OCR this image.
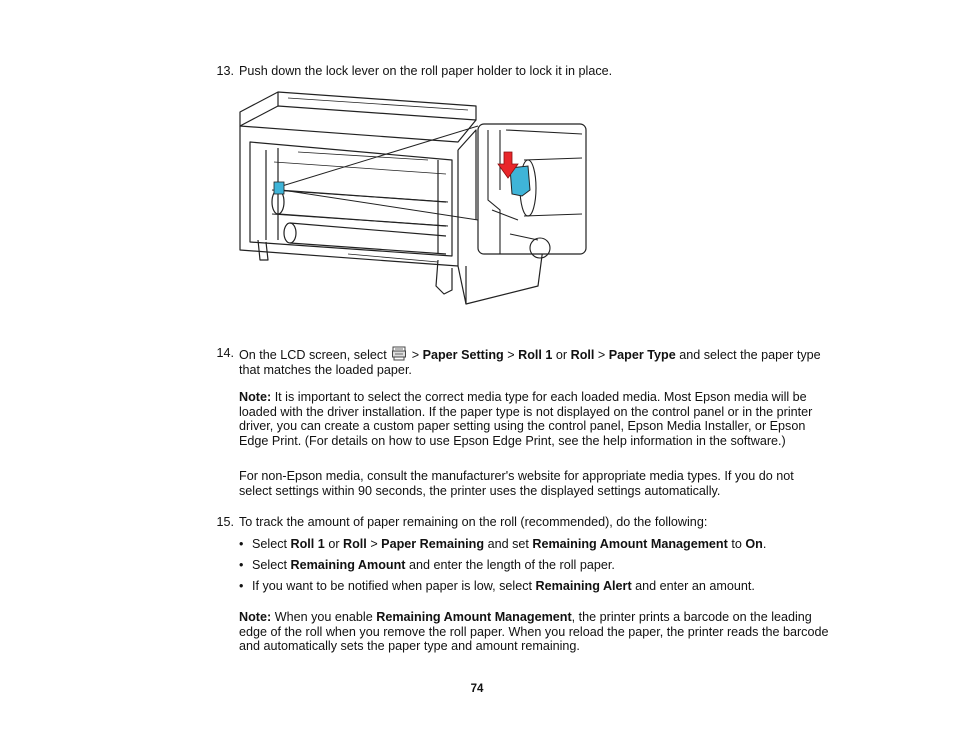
13. Push down the lock lever on the roll paper holder to lock it in place.
14. On the LCD screen, select > Paper Setting > Roll 1 or Roll > Paper Type and select the paper type that matches the loaded paper.
Note: It is important to select the correct media type for each loaded media. Most Epson media will be loaded with the driver installation. If the paper type is not displayed on the control panel or in the printer driver, you can create a custom paper setting using the control panel, Epson Media Installer, or Epson Edge Print. (For details on how to use Epson Edge Print, see the help information in the software.)
For non-Epson media, consult the manufacturer's website for appropriate media types. If you do not select settings within 90 seconds, the printer uses the displayed settings automatically.
15. To track the amount of paper remaining on the roll (recommended), do the following:
• Select Roll 1 or Roll > Paper Remaining and set Remaining Amount Management to On.
• Select Remaining Amount and enter the length of the roll paper.
• If you want to be notified when paper is low, select Remaining Alert and enter an amount.
Note: When you enable Remaining Amount Management, the printer prints a barcode on the leading edge of the roll when you remove the roll paper. When you reload the paper, the printer reads the barcode and automatically sets the paper type and amount remaining.
74
